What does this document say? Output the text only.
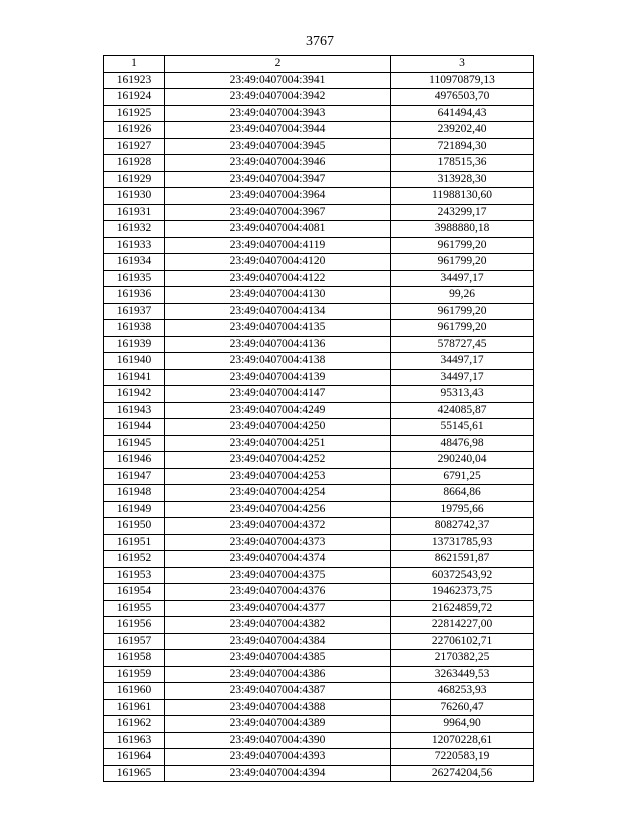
3767
1	2	3
161923	23:49:0407004:3941	110970879,13
161924	23:49:0407004:3942	4976503,70
161925	23:49:0407004:3943	641494,43
161926	23:49:0407004:3944	239202,40
161927	23:49:0407004:3945	721894,30
161928	23:49:0407004:3946	178515,36
161929	23:49:0407004:3947	313928,30
161930	23:49:0407004:3964	11988130,60
161931	23:49:0407004:3967	243299,17
161932	23:49:0407004:4081	3988880,18
161933	23:49:0407004:4119	961799,20
161934	23:49:0407004:4120	961799,20
161935	23:49:0407004:4122	34497,17
161936	23:49:0407004:4130	99,26
161937	23:49:0407004:4134	961799,20
161938	23:49:0407004:4135	961799,20
161939	23:49:0407004:4136	578727,45
161940	23:49:0407004:4138	34497,17
161941	23:49:0407004:4139	34497,17
161942	23:49:0407004:4147	95313,43
161943	23:49:0407004:4249	424085,87
161944	23:49:0407004:4250	55145,61
161945	23:49:0407004:4251	48476,98
161946	23:49:0407004:4252	290240,04
161947	23:49:0407004:4253	6791,25
161948	23:49:0407004:4254	8664,86
161949	23:49:0407004:4256	19795,66
161950	23:49:0407004:4372	8082742,37
161951	23:49:0407004:4373	13731785,93
161952	23:49:0407004:4374	8621591,87
161953	23:49:0407004:4375	60372543,92
161954	23:49:0407004:4376	19462373,75
161955	23:49:0407004:4377	21624859,72
161956	23:49:0407004:4382	22814227,00
161957	23:49:0407004:4384	22706102,71
161958	23:49:0407004:4385	2170382,25
161959	23:49:0407004:4386	3263449,53
161960	23:49:0407004:4387	468253,93
161961	23:49:0407004:4388	76260,47
161962	23:49:0407004:4389	9964,90
161963	23:49:0407004:4390	12070228,61
161964	23:49:0407004:4393	7220583,19
161965	23:49:0407004:4394	26274204,56
